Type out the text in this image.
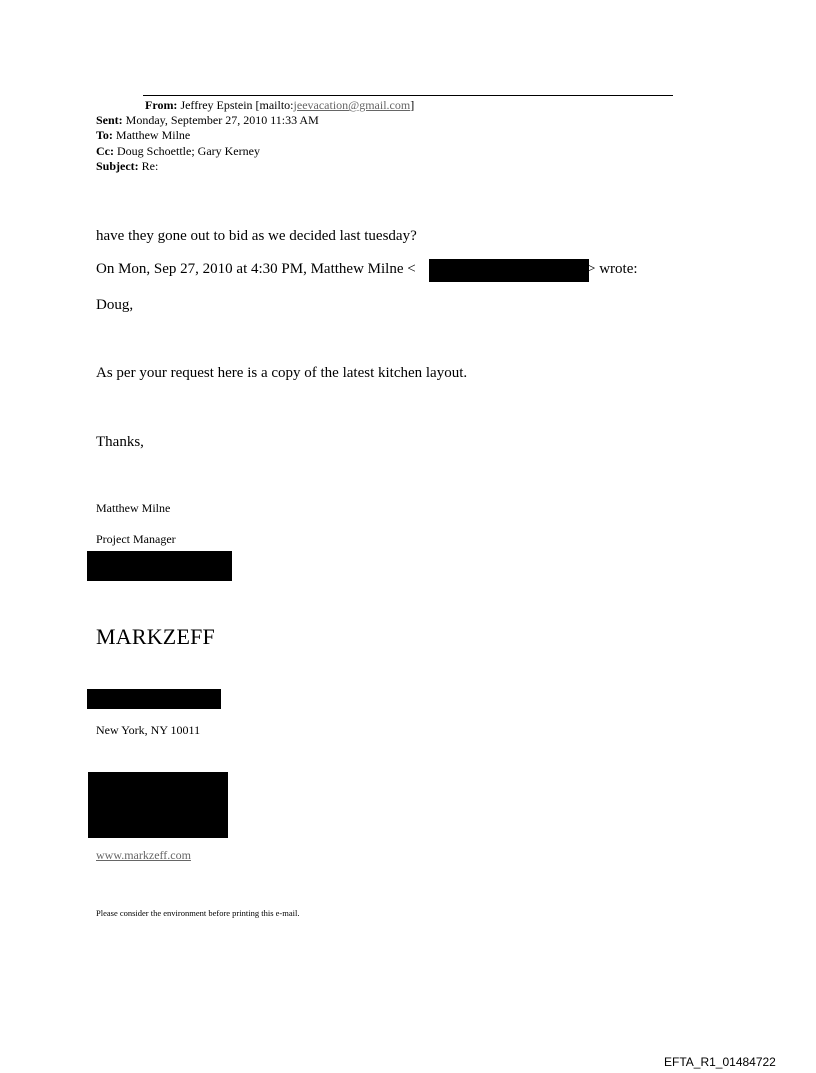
From: Jeffrey Epstein [mailto:jeevacation@gmail.com]
Sent: Monday, September 27, 2010 11:33 AM
To: Matthew Milne
Cc: Doug Schoettle; Gary Kerney
Subject: Re:
have they gone out to bid as we decided last tuesday?
On Mon, Sep 27, 2010 at 4:30 PM, Matthew Milne <	> wrote:
Doug,
As per your request here is a copy of the latest kitchen layout.
Thanks,
Matthew Milne
Project Manager
MARKZEFF
New York, NY 10011
www.markzeff.com
Please consider the environment before printing this e-mail.
EFTA_R1_01484722
